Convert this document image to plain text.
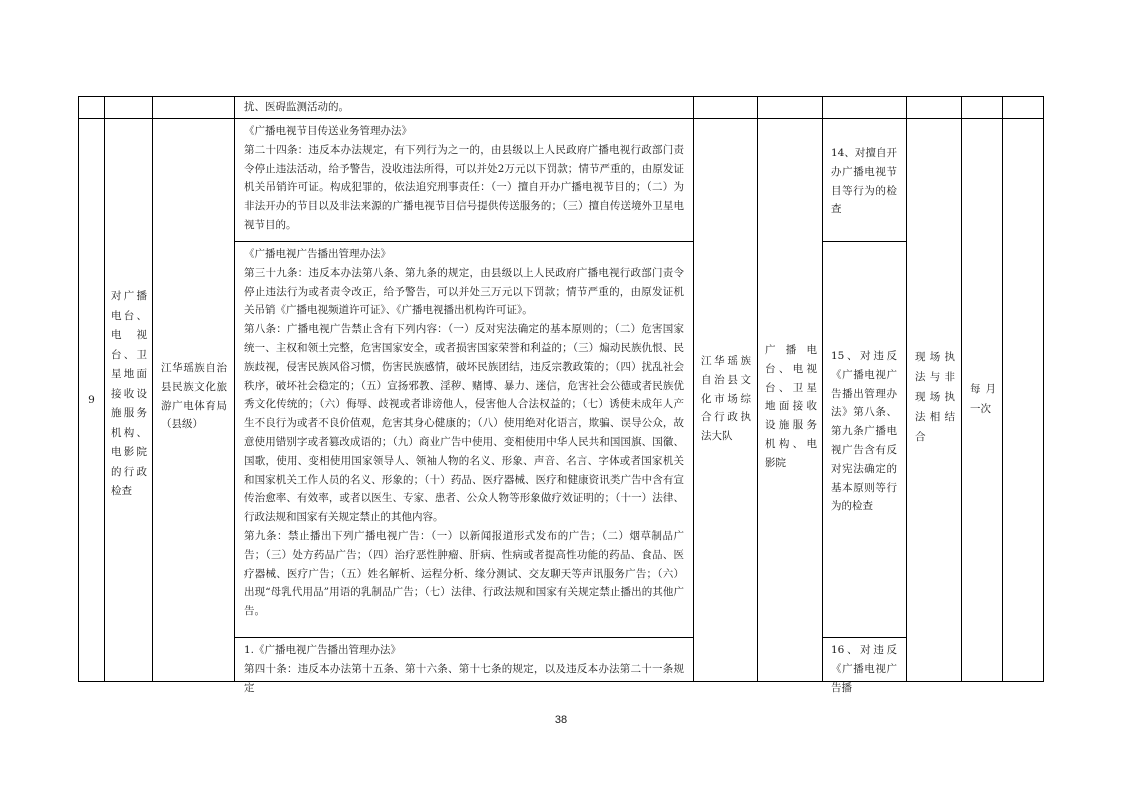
扰、医碍监测活动的。
9
对广播电台、电视台、卫星地面接收设施服务机构、电影院的行政检查
江华瑶族自治县民族文化旅游广电体育局（县级）
《广播电视节目传送业务管理办法》
第二十四条：违反本办法规定，有下列行为之一的，由县级以上人民政府广播电视行政部门责令停止违法活动，给予警告，没收违法所得，可以并处2万元以下罚款；情节严重的，由原发证机关吊销许可证。构成犯罪的，依法追究刑事责任：（一）擅自开办广播电视节目的；（二）为非法开办的节目以及非法来源的广播电视节目信号提供传送服务的；（三）擅自传送境外卫星电视节目的。
《广播电视广告播出管理办法》
第三十九条：违反本办法第八条、第九条的规定，由县级以上人民政府广播电视行政部门责令停止违法行为或者责令改正，给予警告，可以并处三万元以下罚款；情节严重的，由原发证机关吊销《广播电视频道许可证》、《广播电视播出机构许可证》。
第八条：广播电视广告禁止含有下列内容：（一）反对宪法确定的基本原则的；（二）危害国家统一、主权和领土完整，危害国家安全，或者损害国家荣誉和利益的；（三）煽动民族仇恨、民族歧视，侵害民族风俗习惯，伤害民族感情，破坏民族团结，违反宗教政策的；（四）扰乱社会秩序，破坏社会稳定的；（五）宣扬邪教、淫秽、赌博、暴力、迷信，危害社会公德或者民族优秀文化传统的；（六）侮辱、歧视或者诽谤他人，侵害他人合法权益的；（七）诱使未成年人产生不良行为或者不良价值观，危害其身心健康的；（八）使用绝对化语言，欺骗、误导公众，故意使用错别字或者篡改成语的；（九）商业广告中使用、变相使用中华人民共和国国旗、国徽、国歌，使用、变相使用国家领导人、领袖人物的名义、形象、声音、名言、字体或者国家机关和国家机关工作人员的名义、形象的；（十）药品、医疗器械、医疗和健康资讯类广告中含有宣传治愈率、有效率，或者以医生、专家、患者、公众人物等形象做疗效证明的；（十一）法律、行政法规和国家有关规定禁止的其他内容。
第九条：禁止播出下列广播电视广告：（一）以新闻报道形式发布的广告；（二）烟草制品广告；（三）处方药品广告；（四）治疗恶性肿瘤、肝病、性病或者提高性功能的药品、食品、医疗器械、医疗广告；（五）姓名解析、运程分析、缘分测试、交友聊天等声讯服务广告；（六）出现“母乳代用品”用语的乳制品广告；（七）法律、行政法规和国家有关规定禁止播出的其他广告。
1.《广播电视广告播出管理办法》
第四十条：违反本办法第十五条、第十六条、第十七条的规定，以及违反本办法第二十一条规定
江华瑶族自治县文化市场综合行政执法大队
广播电台、电视台、卫星地面接收设施服务机构、电影院
14、对擅自开办广播电视节目等行为的检查
15、对违反《广播电视广告播出管理办法》第八条、第九条广播电视广告含有反对宪法确定的基本原则等行为的检查
16、对违反《广播电视广告播
现场执法与非现场执法相结合
每月一次
38
